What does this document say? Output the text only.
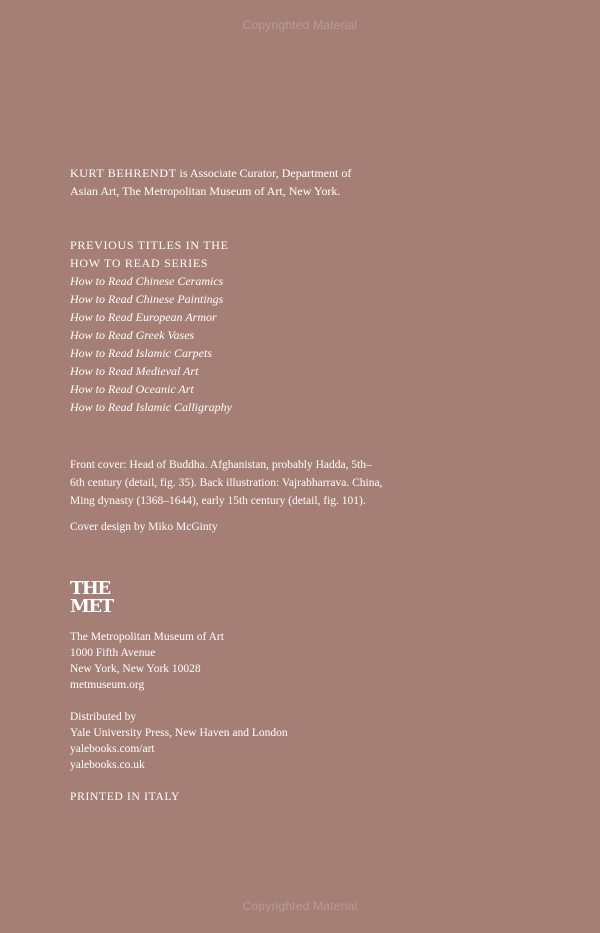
Copyrighted Material
KURT BEHRENDT is Associate Curator, Department of
Asian Art, The Metropolitan Museum of Art, New York.
PREVIOUS TITLES IN THE
HOW TO READ SERIES
How to Read Chinese Ceramics
How to Read Chinese Paintings
How to Read European Armor
How to Read Greek Vases
How to Read Islamic Carpets
How to Read Medieval Art
How to Read Oceanic Art
How to Read Islamic Calligraphy
Front cover: Head of Buddha. Afghanistan, probably Hadda, 5th–
6th century (detail, fig. 35). Back illustration: Vajrabharrava. China,
Ming dynasty (1368–1644), early 15th century (detail, fig. 101).
Cover design by Miko McGinty
THE
MET
The Metropolitan Museum of Art
1000 Fifth Avenue
New York, New York 10028
metmuseum.org
Distributed by
Yale University Press, New Haven and London
yalebooks.com/art
yalebooks.co.uk
PRINTED IN ITALY
Copyrighted Material
